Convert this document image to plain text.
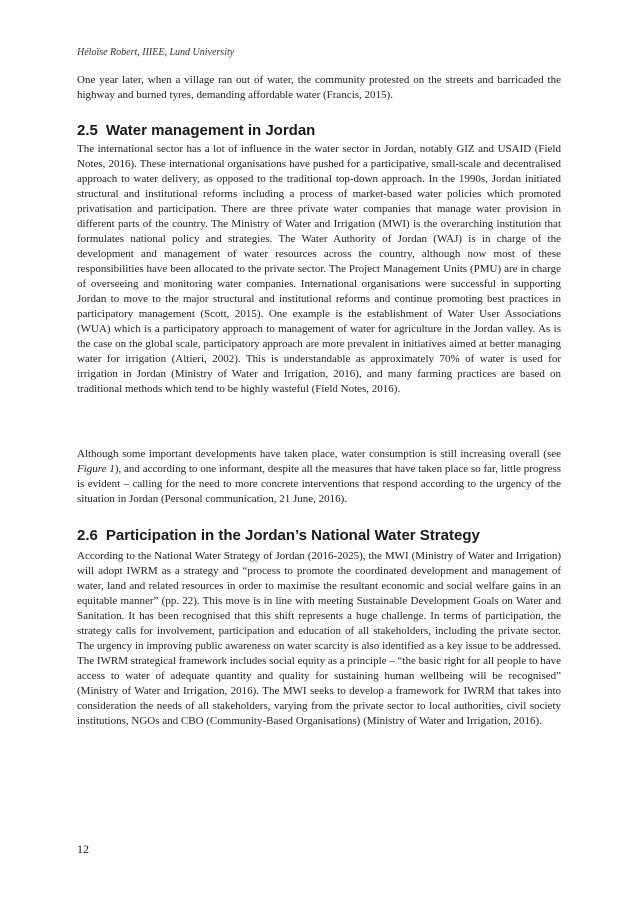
Héloïse Robert, IIIEE, Lund University

One year later, when a village ran out of water, the community protested on the streets and barricaded the highway and burned tyres, demanding affordable water (Francis, 2015).

2.5 Water management in Jordan

The international sector has a lot of influence in the water sector in Jordan, notably GIZ and USAID (Field Notes, 2016). These international organisations have pushed for a participative, small-scale and decentralised approach to water delivery, as opposed to the traditional top-down approach. In the 1990s, Jordan initiated structural and institutional reforms including a process of market-based water policies which promoted privatisation and participation. There are three private water companies that manage water provision in different parts of the country. The Ministry of Water and Irrigation (MWI) is the overarching institution that formulates national policy and strategies. The Water Authority of Jordan (WAJ) is in charge of the development and management of water resources across the country, although now most of these responsibilities have been allocated to the private sector. The Project Management Units (PMU) are in charge of overseeing and monitoring water companies. International organisations were successful in supporting Jordan to move to the major structural and institutional reforms and continue promoting best practices in participatory management (Scott, 2015). One example is the establishment of Water User Associations (WUA) which is a participatory approach to management of water for agriculture in the Jordan valley. As is the case on the global scale, participatory approach are more prevalent in initiatives aimed at better managing water for irrigation (Altieri, 2002). This is understandable as approximately 70% of water is used for irrigation in Jordan (Ministry of Water and Irrigation, 2016), and many farming practices are based on traditional methods which tend to be highly wasteful (Field Notes, 2016).

Although some important developments have taken place, water consumption is still increasing overall (see Figure 1), and according to one informant, despite all the measures that have taken place so far, little progress is evident – calling for the need to more concrete interventions that respond according to the urgency of the situation in Jordan (Personal communication, 21 June, 2016).

2.6 Participation in the Jordan’s National Water Strategy

According to the National Water Strategy of Jordan (2016-2025), the MWI (Ministry of Water and Irrigation) will adopt IWRM as a strategy and “process to promote the coordinated development and management of water, land and related resources in order to maximise the resultant economic and social welfare gains in an equitable manner” (pp. 22). This move is in line with meeting Sustainable Development Goals on Water and Sanitation. It has been recognised that this shift represents a huge challenge. In terms of participation, the strategy calls for involvement, participation and education of all stakeholders, including the private sector. The urgency in improving public awareness on water scarcity is also identified as a key issue to be addressed. The IWRM strategical framework includes social equity as a principle – “the basic right for all people to have access to water of adequate quantity and quality for sustaining human wellbeing will be recognised” (Ministry of Water and Irrigation, 2016). The MWI seeks to develop a framework for IWRM that takes into consideration the needs of all stakeholders, varying from the private sector to local authorities, civil society institutions, NGOs and CBO (Community-Based Organisations) (Ministry of Water and Irrigation, 2016).

12
